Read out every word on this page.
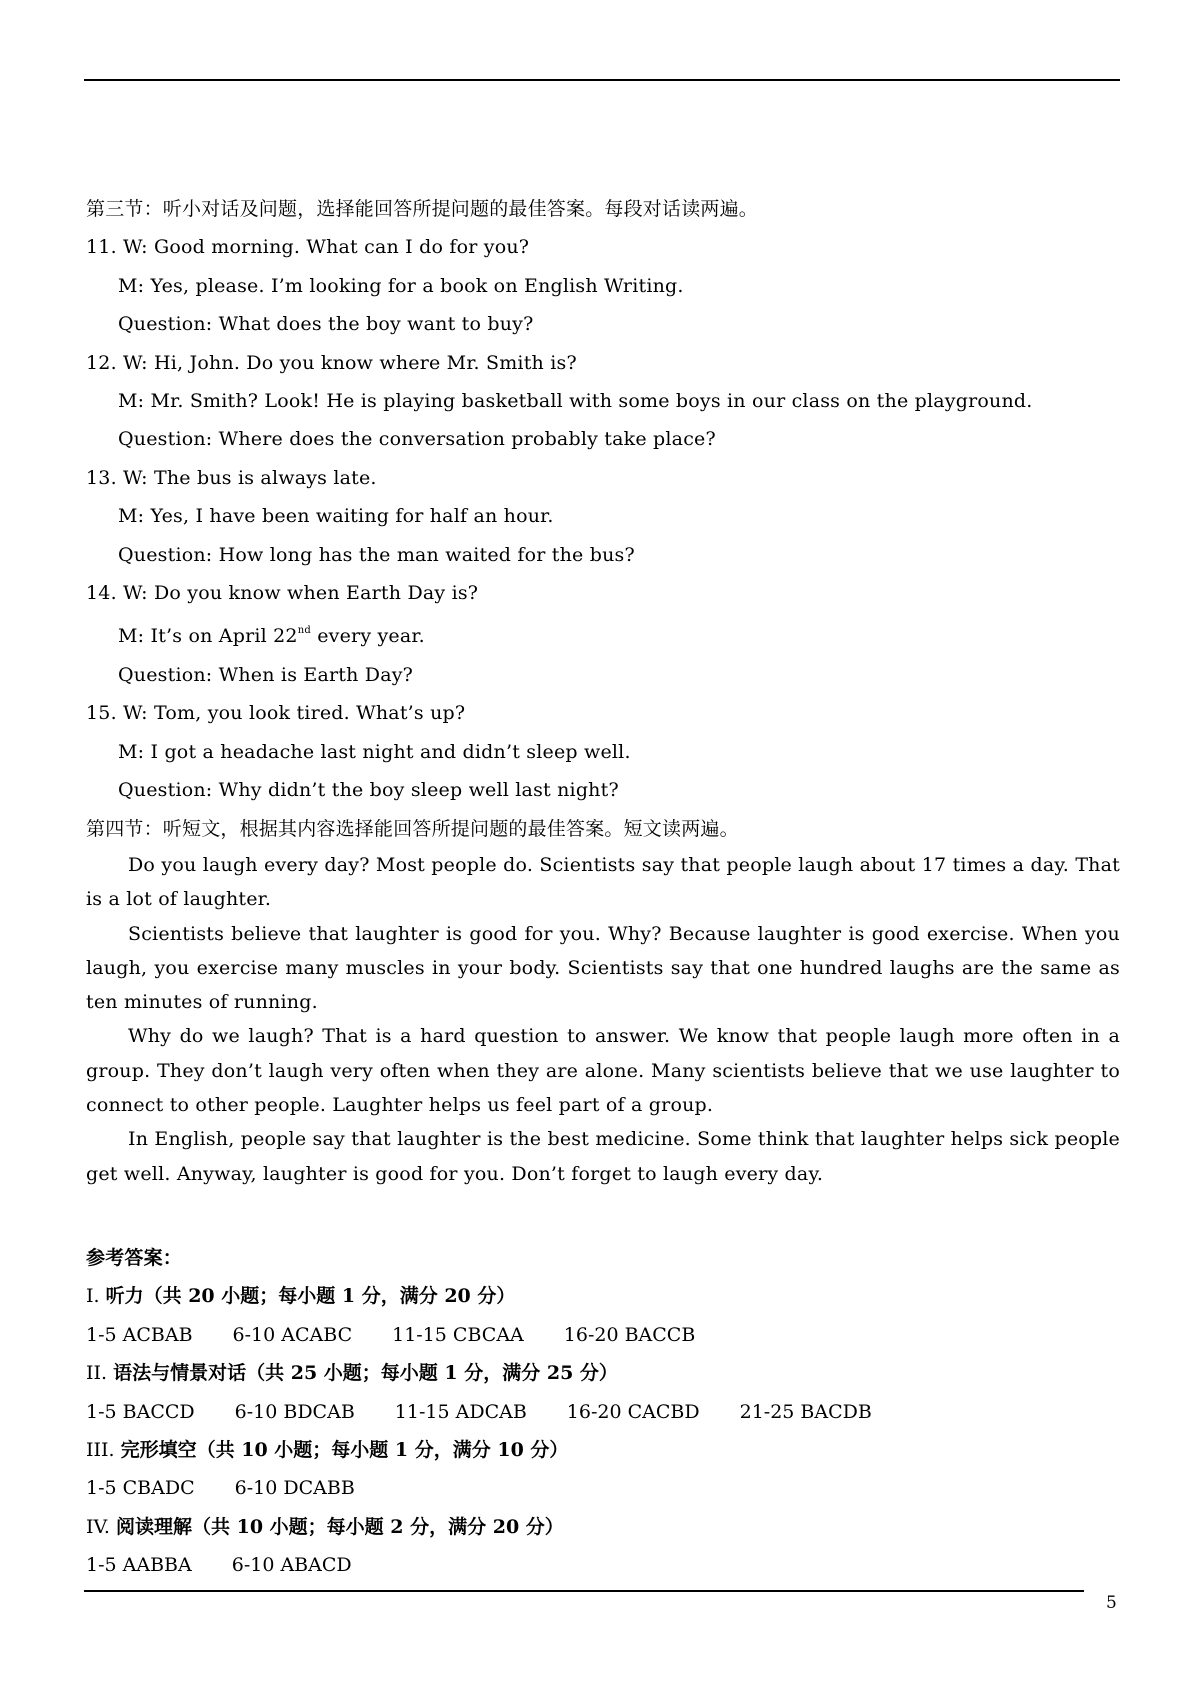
第三节：听小对话及问题，选择能回答所提问题的最佳答案。每段对话读两遍。
11. W: Good morning. What can I do for you?
M: Yes, please. I’m looking for a book on English Writing.
Question: What does the boy want to buy?
12. W: Hi, John. Do you know where Mr. Smith is?
M: Mr. Smith? Look! He is playing basketball with some boys in our class on the playground.
Question: Where does the conversation probably take place?
13. W: The bus is always late.
M: Yes, I have been waiting for half an hour.
Question: How long has the man waited for the bus?
14. W: Do you know when Earth Day is?
M: It’s on April 22nd every year.
Question: When is Earth Day?
15. W: Tom, you look tired. What’s up?
M: I got a headache last night and didn’t sleep well.
Question: Why didn’t the boy sleep well last night?
第四节：听短文，根据其内容选择能回答所提问题的最佳答案。短文读两遍。
Do you laugh every day? Most people do. Scientists say that people laugh about 17 times a day. That is a lot of laughter.
Scientists believe that laughter is good for you. Why? Because laughter is good exercise. When you laugh, you exercise many muscles in your body. Scientists say that one hundred laughs are the same as ten minutes of running.
Why do we laugh? That is a hard question to answer. We know that people laugh more often in a group. They don’t laugh very often when they are alone. Many scientists believe that we use laughter to connect to other people. Laughter helps us feel part of a group.
In English, people say that laughter is the best medicine. Some think that laughter helps sick people get well. Anyway, laughter is good for you. Don’t forget to laugh every day.
参考答案：
I. 听力（共 20 小题；每小题 1 分，满分 20 分）
1-5 ACBAB 6-10 ACABC 11-15 CBCAA 16-20 BACCB
II. 语法与情景对话（共 25 小题；每小题 1 分，满分 25 分）
1-5 BACCD 6-10 BDCAB 11-15 ADCAB 16-20 CACBD 21-25 BACDB
III. 完形填空（共 10 小题；每小题 1 分，满分 10 分）
1-5 CBADC 6-10 DCABB
IV. 阅读理解（共 10 小题；每小题 2 分，满分 20 分）
1-5 AABBA 6-10 ABACD
5
